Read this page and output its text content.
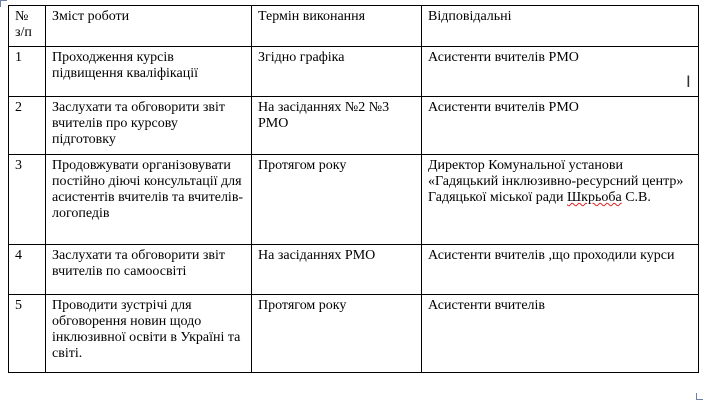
№ з/п	Зміст роботи	Термін виконання	Відповідальні
1	Проходження курсів підвищення кваліфікації	Згідно графіка	Асистенти вчителів РМО
2	Заслухати та обговорити звіт вчителів про курсову підготовку	На засіданнях №2 №3 РМО	Асистенти вчителів РМО
3	Продовжувати організовувати постійно діючі консультації для асистентів вчителів та вчителів-логопедів	Протягом року	Директор Комунальної установи «Гадяцький інклюзивно-ресурсний центр» Гадяцької міської ради Шкрьоба С.В.
4	Заслухати та обговорити звіт вчителів по самоосвіті	На засіданнях РМО	Асистенти вчителів ,що проходили курси
5	Проводити зустрічі для обговорення новин щодо інклюзивної освіти в Україні та світі.	Протягом року	Асистенти вчителів
I
